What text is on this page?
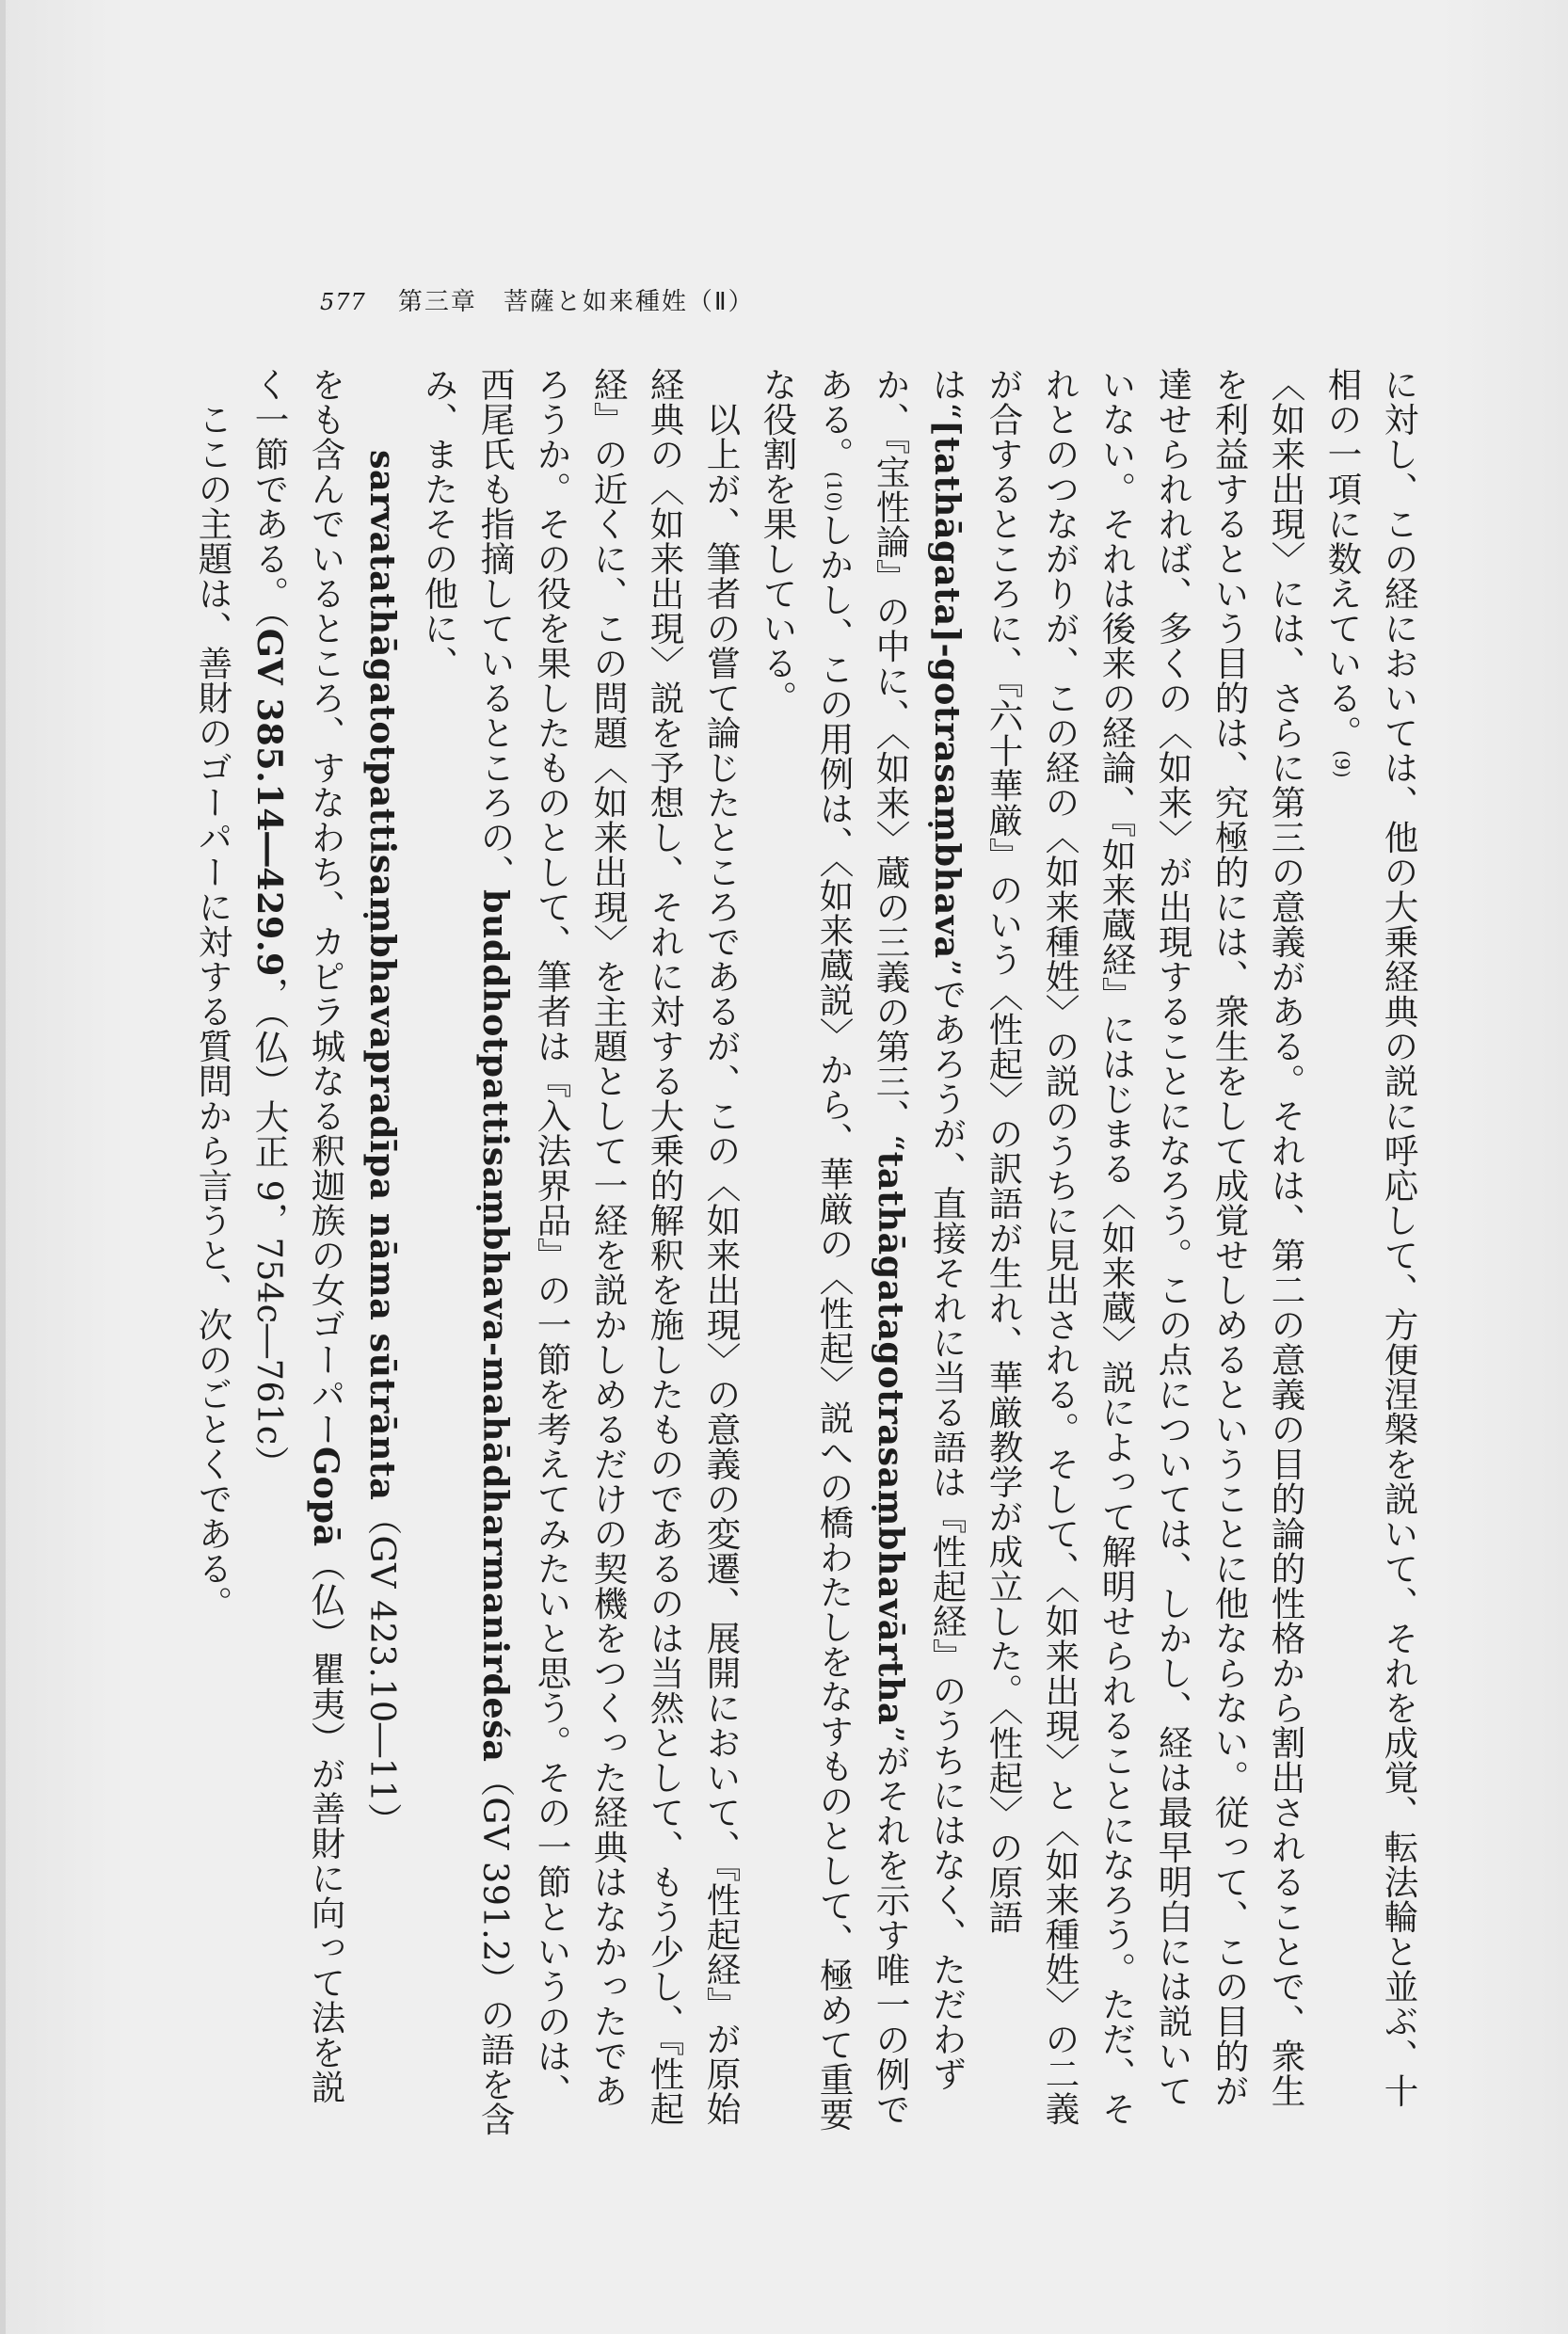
577 第三章　菩薩と如来種姓（Ⅱ）

に対し、この経においては、他の大乗経典の説に呼応して、方便涅槃を説いて、それを成覚、転法輪と並ぶ、十相の一項に数えている。(9)

〈如来出現〉には、さらに第三の意義がある。それは、第二の意義の目的論的性格から割出されることで、衆生を利益するという目的は、究極的には、衆生をして成覚せしめるということに他ならない。従って、この目的が達せられれば、多くの〈如来〉が出現することになろう。この点については、しかし、経は最早明白には説いていない。それは後来の経論、『如来蔵経』にはじまる〈如来蔵〉説によって解明せられることになろう。ただ、それとのつながりが、この経の〈如来種姓〉の説のうちに見出される。そして、〈如来出現〉と〈如来種姓〉の二義が合するところに、『六十華厳』のいう〈性起〉の訳語が生れ、華厳教学が成立した。〈性起〉の原語は“[tathāgata]-gotrasaṃbhava”であろうが、直接それに当る語は『性起経』のうちにはなく、ただわずか、『宝性論』の中に、〈如来〉蔵の三義の第三、“tathāgatagotrasaṃbhavārtha”がそれを示す唯一の例である。(10)しかし、この用例は、〈如来蔵説〉から、華厳の〈性起〉説への橋わたしをなすものとして、極めて重要な役割を果している。

以上が、筆者の嘗て論じたところであるが、この〈如来出現〉の意義の変遷、展開において、『性起経』が原始経典の〈如来出現〉説を予想し、それに対する大乗的解釈を施したものであるのは当然として、もう少し、『性起経』の近くに、この問題〈如来出現〉を主題として一経を説かしめるだけの契機をつくった経典はなかったであろうか。その役を果したものとして、筆者は『入法界品』の一節を考えてみたいと思う。その一節というのは、西尾氏も指摘しているところの、buddhotpattisaṃbhava-mahādharmanirdeśa（GV 391.2）の語を含み、またその他に、

sarvatathāgatotpattisaṃbhavapradīpa nāma sūtrānta（GV 423.10―11）

をも含んでいるところ、すなわち、カピラ城なる釈迦族の女ゴーパーGopā（仏）瞿夷）が善財に向って法を説く一節である。（GV 385.14―429.9，（仏）大正 9，754c―761c）

ここの主題は、善財のゴーパーに対する質問から言うと、次のごとくである。
